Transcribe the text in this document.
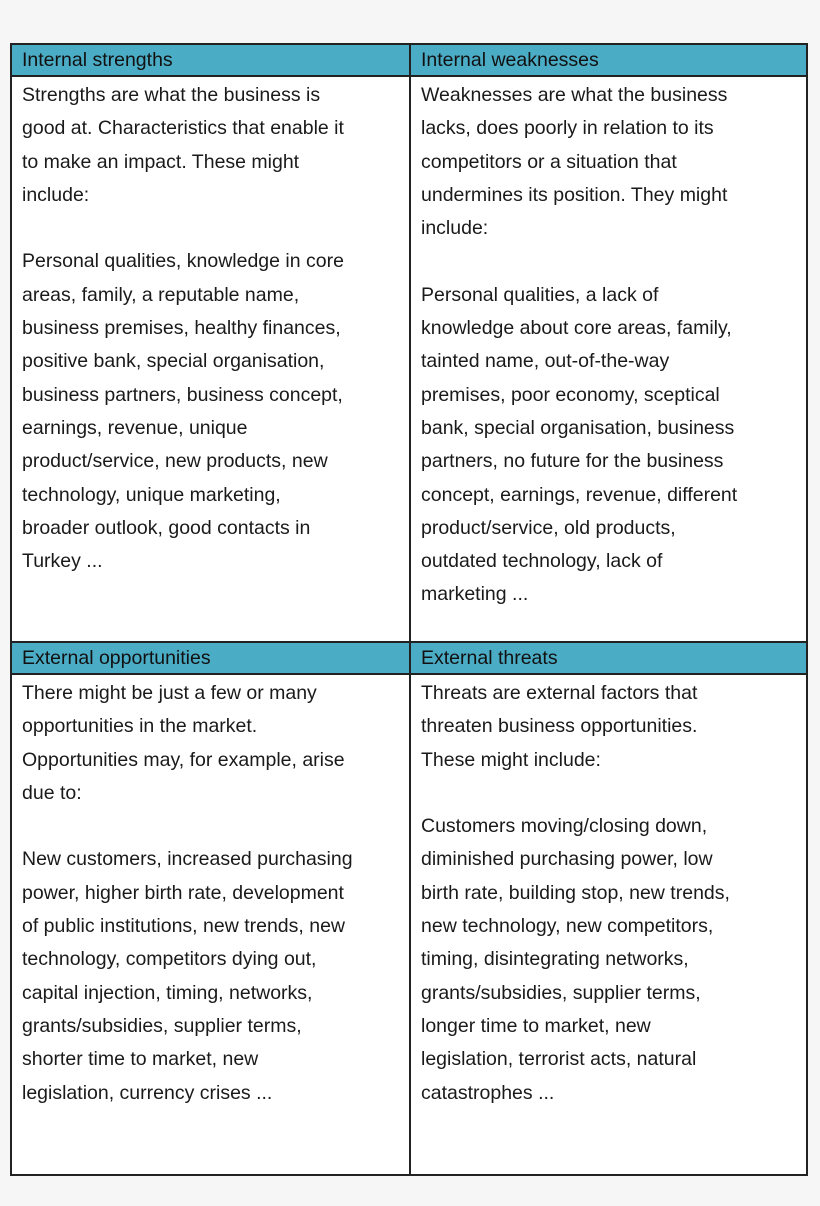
Internal strengths	Internal weaknesses

Strengths are what the business is
good at. Characteristics that enable it
to make an impact. These might
include:

Personal qualities, knowledge in core
areas, family, a reputable name,
business premises, healthy finances,
positive bank, special organisation,
business partners, business concept,
earnings, revenue, unique
product/service, new products, new
technology, unique marketing,
broader outlook, good contacts in
Turkey ...

Weaknesses are what the business
lacks, does poorly in relation to its
competitors or a situation that
undermines its position. They might
include:

Personal qualities, a lack of
knowledge about core areas, family,
tainted name, out-of-the-way
premises, poor economy, sceptical
bank, special organisation, business
partners, no future for the business
concept, earnings, revenue, different
product/service, old products,
outdated technology, lack of
marketing ...

External opportunities	External threats

There might be just a few or many
opportunities in the market.
Opportunities may, for example, arise
due to:

New customers, increased purchasing
power, higher birth rate, development
of public institutions, new trends, new
technology, competitors dying out,
capital injection, timing, networks,
grants/subsidies, supplier terms,
shorter time to market, new
legislation, currency crises ...

Threats are external factors that
threaten business opportunities.
These might include:

Customers moving/closing down,
diminished purchasing power, low
birth rate, building stop, new trends,
new technology, new competitors,
timing, disintegrating networks,
grants/subsidies, supplier terms,
longer time to market, new
legislation, terrorist acts, natural
catastrophes ...
